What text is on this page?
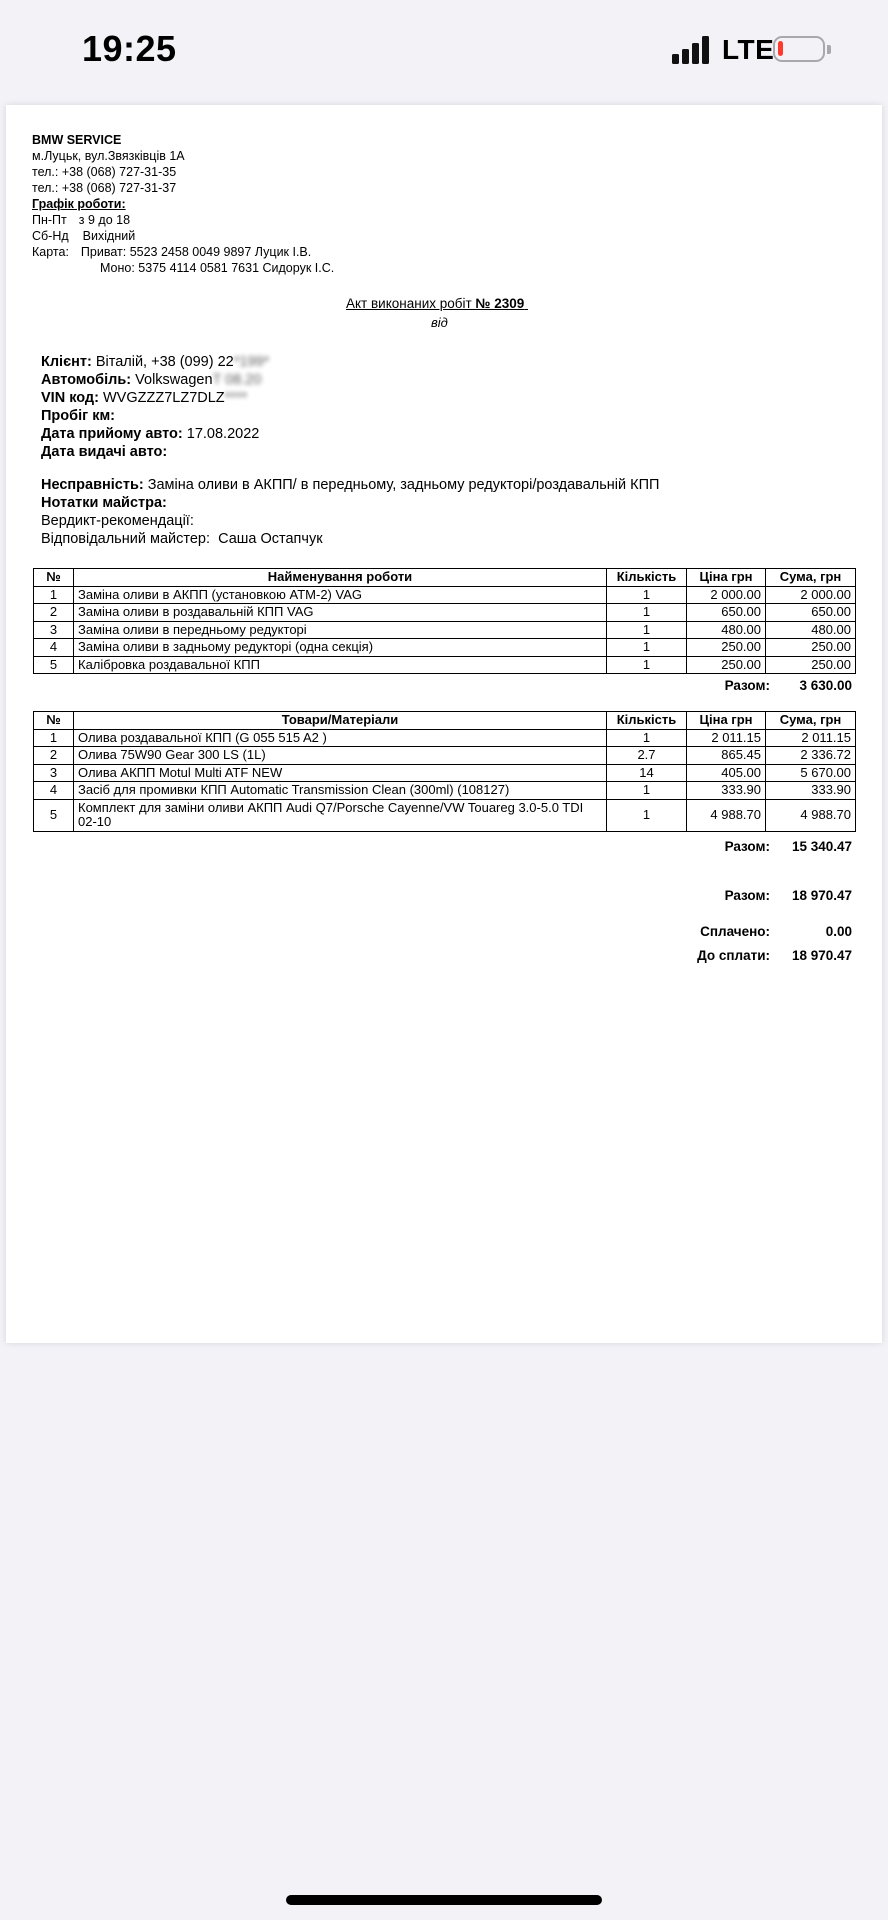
19:25	LTE
BMW SERVICE
м.Луцьк, вул.Звязківців 1А
тел.: +38 (068) 727-31-35
тел.: +38 (068) 727-31-37
Графік роботи:
Пн-Пт з 9 до 18
Сб-Нд Вихідний
Карта: Приват: 5523 2458 0049 9897 Луцик І.В.
Моно: 5375 4114 0581 7631 Сидорук І.С.
Акт виконаних робіт № 2309
від
Клієнт: Віталій, +38 (099) 22*199*
Автомобіль: VolkswagenT 08.20
VIN код: WVGZZZ7LZ7DLZ****
Пробіг км:
Дата прийому авто: 17.08.2022
Дата видачі авто:
Несправність: Заміна оливи в АКПП/ в передньому, задньому редукторі/роздавальній КПП
Нотатки майстра:
Вердикт-рекомендації:
Відповідальний майстер: Саша Остапчук
№	Найменування роботи	Кількість	Ціна грн	Сума, грн
1	Заміна оливи в АКПП (установкою ATM-2) VAG	1	2 000.00	2 000.00
2	Заміна оливи в роздавальній КПП VAG	1	650.00	650.00
3	Заміна оливи в передньому редукторі	1	480.00	480.00
4	Заміна оливи в задньому редукторі (одна секція)	1	250.00	250.00
5	Калібровка роздавальної КПП	1	250.00	250.00
Разом: 3 630.00
№	Товари/Матеріали	Кількість	Ціна грн	Сума, грн
1	Олива роздавальної КПП (G 055 515 A2 )	1	2 011.15	2 011.15
2	Олива 75W90 Gear 300 LS (1L)	2.7	865.45	2 336.72
3	Олива АКПП Motul Multi ATF NEW	14	405.00	5 670.00
4	Засіб для промивки КПП Automatic Transmission Clean (300ml) (108127)	1	333.90	333.90
5	Комплект для заміни оливи АКПП Audi Q7/Porsche Cayenne/VW Touareg 3.0-5.0 TDI 02-10	1	4 988.70	4 988.70
Разом: 15 340.47
Разом: 18 970.47
Сплачено:	0.00
До сплати: 18 970.47
